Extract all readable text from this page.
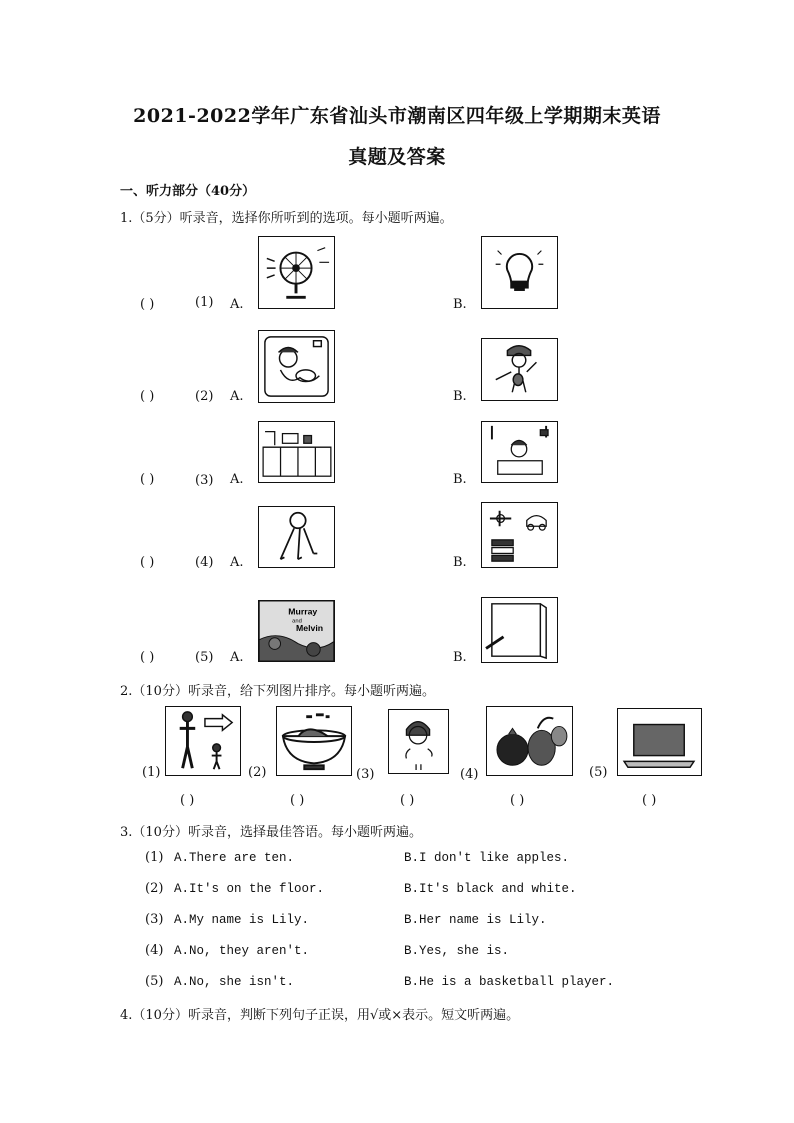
2021-2022学年广东省汕头市潮南区四年级上学期期末英语
真题及答案
一、听力部分（40分）
1.（5分）听录音，选择你所听到的选项。每小题听两遍。
( )	(1) A.	B.
( )	(2) A.	B.
( )	(3) A.	B.
( )	(4) A.	B.
( )	(5) A.	B.
Murray
and
Melvin
2.（10分）听录音，给下列图片排序。每小题听两遍。
(1)	(2)	(3)	(4)	(5)
( )	( )	( )	( )	( )
3.（10分）听录音，选择最佳答语。每小题听两遍。
(1) A.There are ten.	B.I don't like apples.
(2) A.It's on the floor.	B.It's black and white.
(3) A.My name is Lily.	B.Her name is Lily.
(4) A.No, they aren't.	B.Yes, she is.
(5) A.No, she isn't.	B.He is a basketball player.
4.（10分）听录音，判断下列句子正误，用√或×表示。短文听两遍。
